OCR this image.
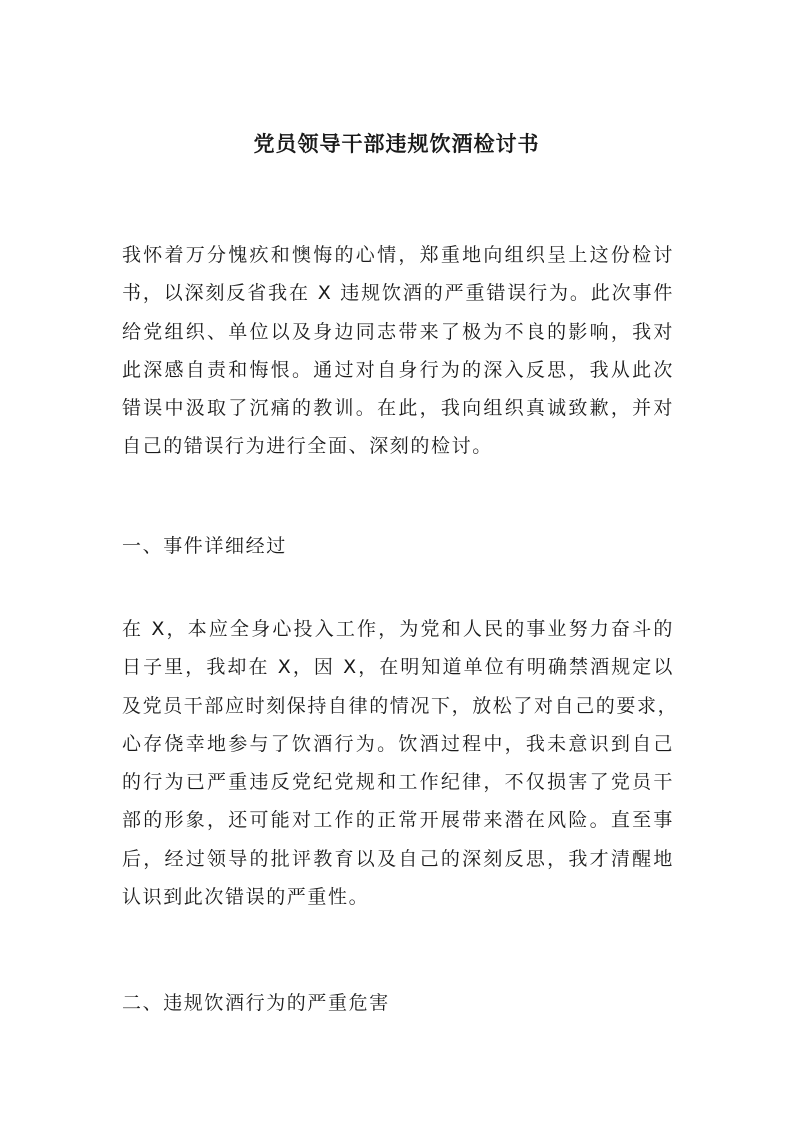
党员领导干部违规饮酒检讨书
我怀着万分愧疚和懊悔的心情，郑重地向组织呈上这份检讨
书，以深刻反省我在 X 违规饮酒的严重错误行为。此次事件
给党组织、单位以及身边同志带来了极为不良的影响，我对
此深感自责和悔恨。通过对自身行为的深入反思，我从此次
错误中汲取了沉痛的教训。在此，我向组织真诚致歉，并对
自己的错误行为进行全面、深刻的检讨。
一、事件详细经过
在 X，本应全身心投入工作，为党和人民的事业努力奋斗的
日子里，我却在 X，因 X，在明知道单位有明确禁酒规定以
及党员干部应时刻保持自律的情况下，放松了对自己的要求，
心存侥幸地参与了饮酒行为。饮酒过程中，我未意识到自己
的行为已严重违反党纪党规和工作纪律，不仅损害了党员干
部的形象，还可能对工作的正常开展带来潜在风险。直至事
后，经过领导的批评教育以及自己的深刻反思，我才清醒地
认识到此次错误的严重性。
二、违规饮酒行为的严重危害
